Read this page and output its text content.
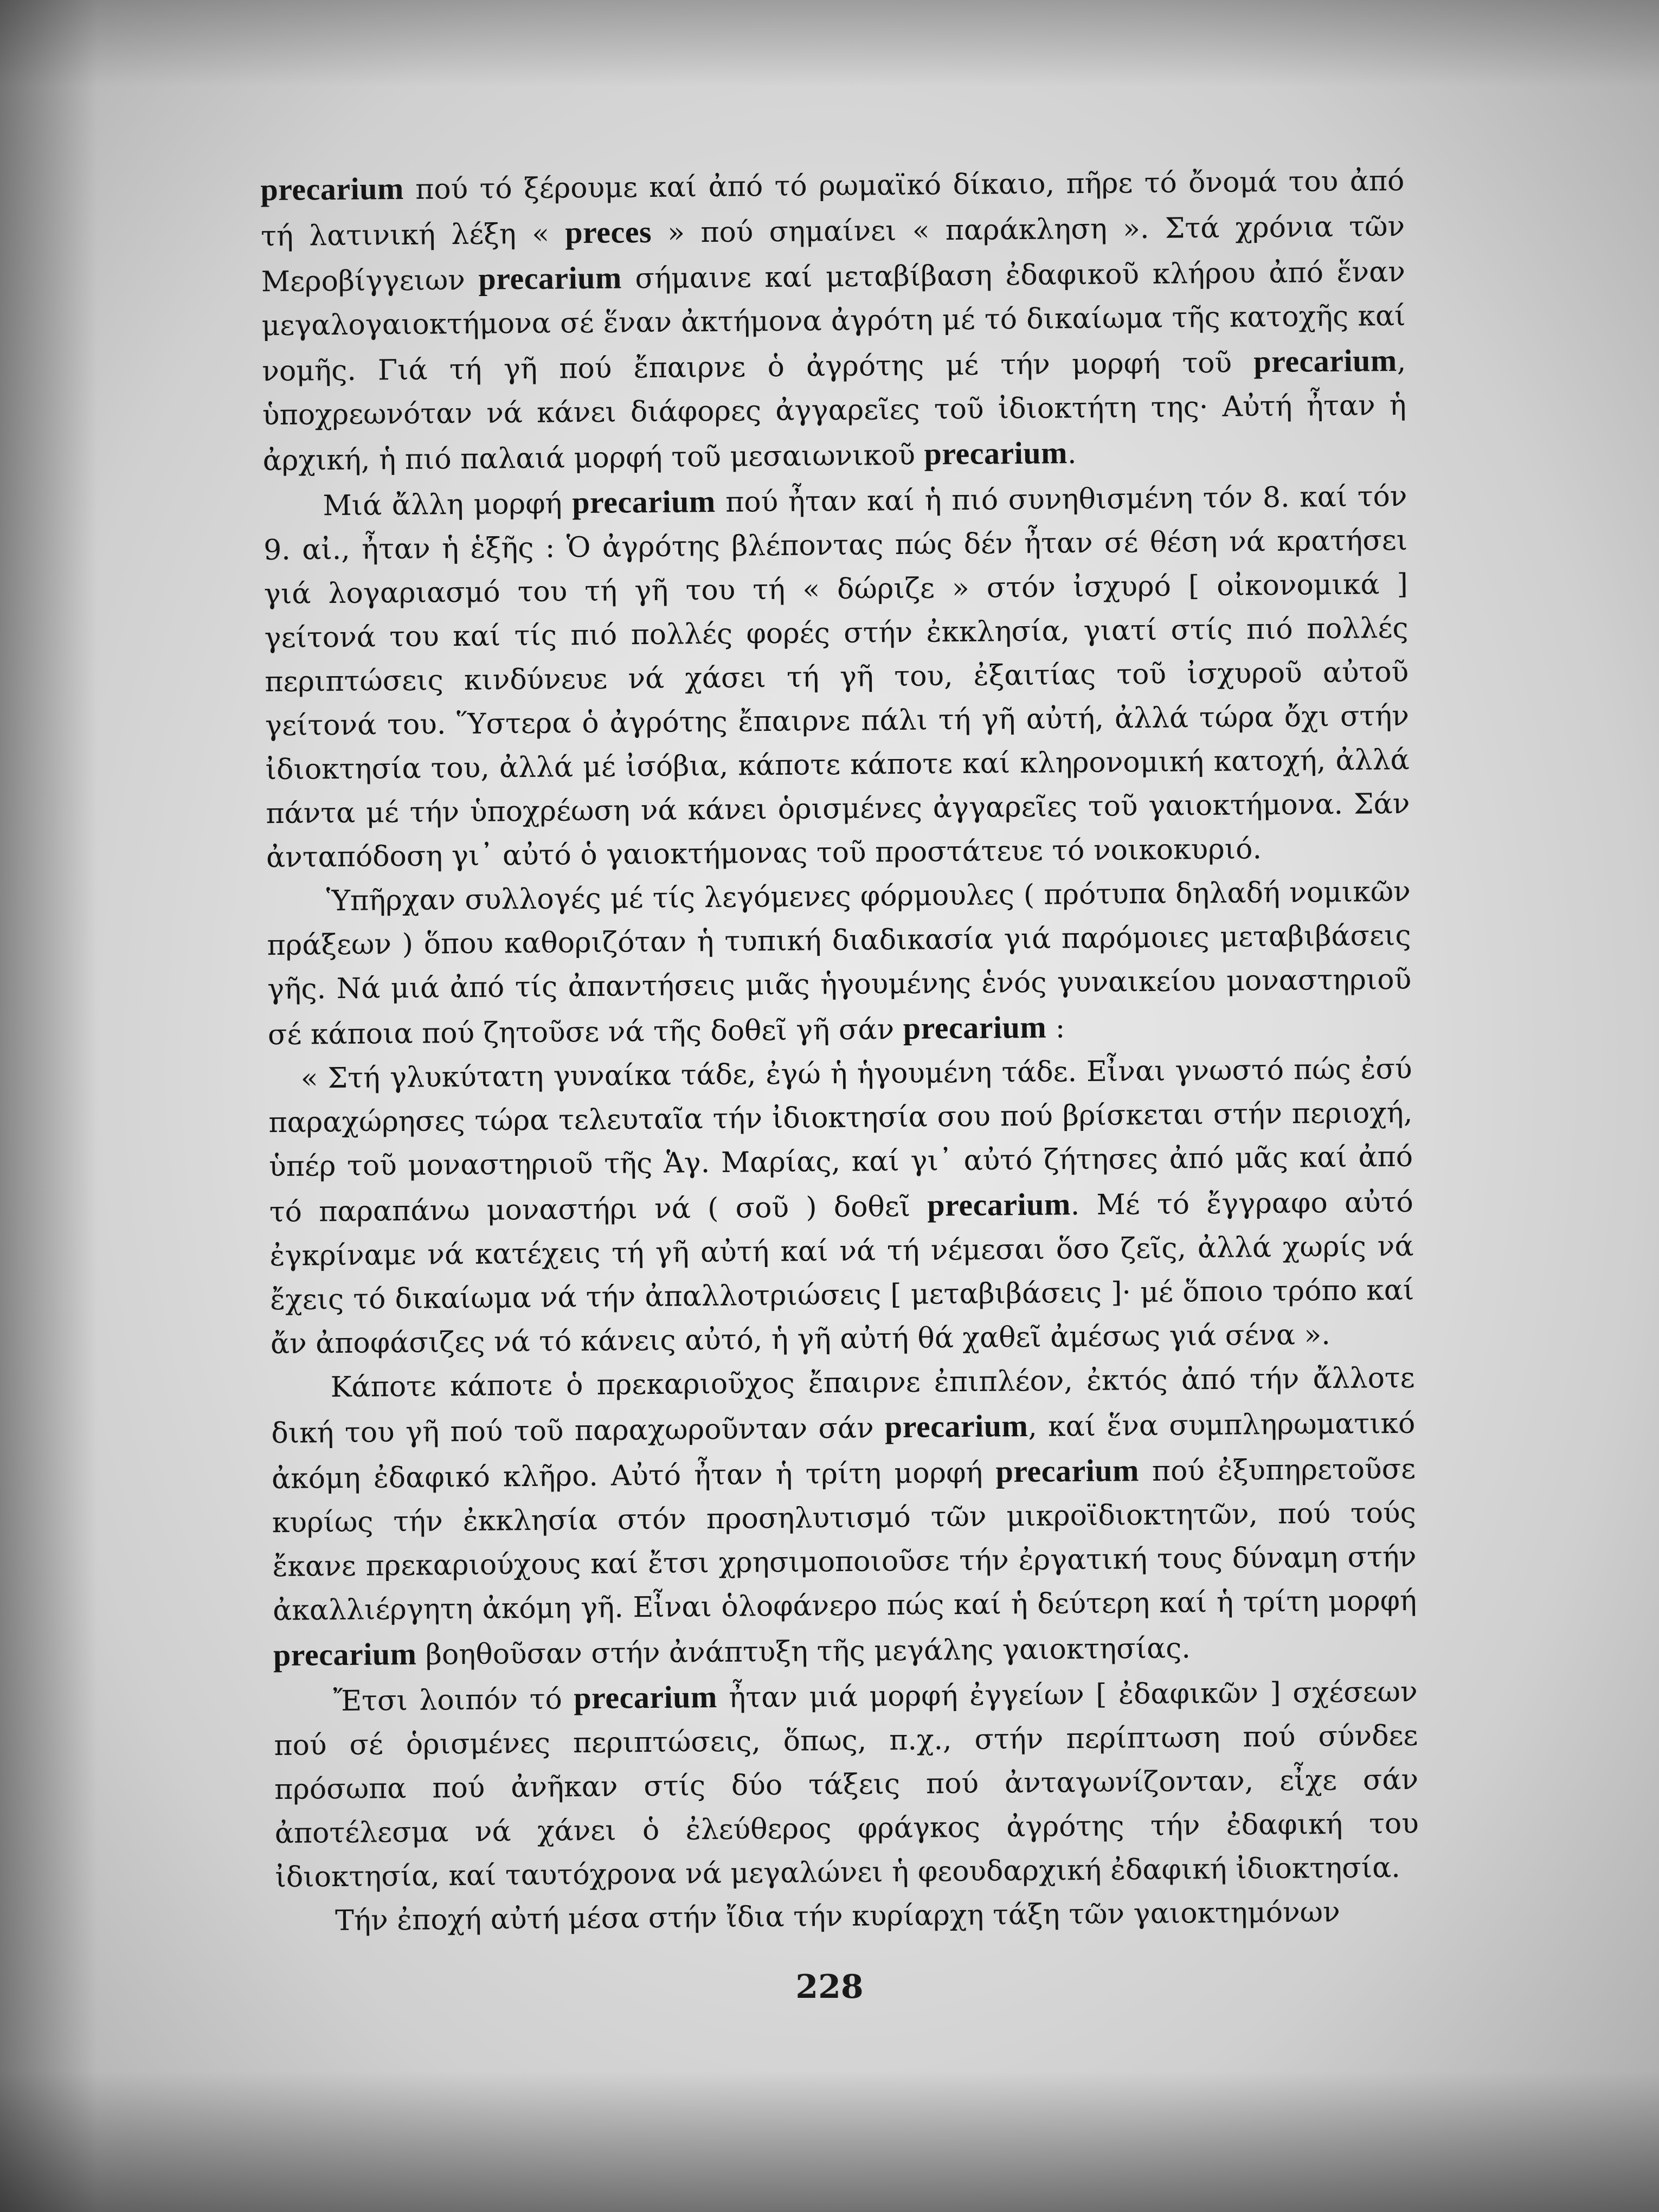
precarium πού τό ξέρουμε καί ἀπό τό ρωμαϊκό δίκαιο, πῆρε τό ὄνομά του ἀπό τή λατινική λέξη « preces » πού σημαίνει « παράκληση ». Στά χρόνια τῶν Μεροβίγγειων precarium σήμαινε καί μεταβίβαση ἐδαφικοῦ κλήρου ἀπό ἕναν μεγαλογαιοκτήμονα σέ ἕναν ἀκτήμονα ἀγρότη μέ τό δικαίωμα τῆς κατοχῆς καί νομῆς. Γιά τή γῆ πού ἔπαιρνε ὁ ἀγρότης μέ τήν μορφή τοῦ precarium, ὑποχρεωνόταν νά κάνει διάφορες ἀγγαρεῖες τοῦ ἰδιοκτήτη της· Αὐτή ἦταν ἡ ἀρχική, ἡ πιό παλαιά μορφή τοῦ μεσαιωνικοῦ precarium.

Μιά ἄλλη μορφή precarium πού ἦταν καί ἡ πιό συνηθισμένη τόν 8. καί τόν 9. αἰ., ἦταν ἡ ἑξῆς : Ὁ ἀγρότης βλέποντας πώς δέν ἦταν σέ θέση νά κρατήσει γιά λογαριασμό του τή γῆ του τή « δώριζε » στόν ἰσχυρό [ οἰκονομικά ] γείτονά του καί τίς πιό πολλές φορές στήν ἐκκλησία, γιατί στίς πιό πολλές περιπτώσεις κινδύνευε νά χάσει τή γῆ του, ἐξαιτίας τοῦ ἰσχυροῦ αὐτοῦ γείτονά του. Ὕστερα ὁ ἀγρότης ἔπαιρνε πάλι τή γῆ αὐτή, ἀλλά τώρα ὄχι στήν ἰδιοκτησία του, ἀλλά μέ ἰσόβια, κάποτε κάποτε καί κληρονομική κατοχή, ἀλλά πάντα μέ τήν ὑποχρέωση νά κάνει ὁρισμένες ἀγγαρεῖες τοῦ γαιοκτήμονα. Σάν ἀνταπόδοση γι᾽ αὐτό ὁ γαιοκτήμονας τοῦ προστάτευε τό νοικοκυριό.

Ὑπῆρχαν συλλογές μέ τίς λεγόμενες φόρμουλες ( πρότυπα δηλαδή νομικῶν πράξεων ) ὅπου καθοριζόταν ἡ τυπική διαδικασία γιά παρόμοιες μεταβιβάσεις γῆς. Νά μιά ἀπό τίς ἀπαντήσεις μιᾶς ἡγουμένης ἑνός γυναικείου μοναστηριοῦ σέ κάποια πού ζητοῦσε νά τῆς δοθεῖ γῆ σάν precarium :

« Στή γλυκύτατη γυναίκα τάδε, ἐγώ ἡ ἡγουμένη τάδε. Εἶναι γνωστό πώς ἐσύ παραχώρησες τώρα τελευταῖα τήν ἰδιοκτησία σου πού βρίσκεται στήν περιοχή, ὑπέρ τοῦ μοναστηριοῦ τῆς Ἁγ. Μαρίας, καί γι᾽ αὐτό ζήτησες ἀπό μᾶς καί ἀπό τό παραπάνω μοναστήρι νά ( σοῦ ) δοθεῖ precarium. Μέ τό ἔγγραφο αὐτό ἐγκρίναμε νά κατέχεις τή γῆ αὐτή καί νά τή νέμεσαι ὅσο ζεῖς, ἀλλά χωρίς νά ἔχεις τό δικαίωμα νά τήν ἀπαλλοτριώσεις [ μεταβιβάσεις ]· μέ ὅποιο τρόπο καί ἄν ἀποφάσιζες νά τό κάνεις αὐτό, ἡ γῆ αὐτή θά χαθεῖ ἀμέσως γιά σένα ».

Κάποτε κάποτε ὁ πρεκαριοῦχος ἔπαιρνε ἐπιπλέον, ἐκτός ἀπό τήν ἄλλοτε δική του γῆ πού τοῦ παραχωροῦνταν σάν precarium, καί ἕνα συμπληρωματικό ἀκόμη ἐδαφικό κλῆρο. Αὐτό ἦταν ἡ τρίτη μορφή precarium πού ἐξυπηρετοῦσε κυρίως τήν ἐκκλησία στόν προσηλυτισμό τῶν μικροϊδιοκτητῶν, πού τούς ἔκανε πρεκαριούχους καί ἔτσι χρησιμοποιοῦσε τήν ἐργατική τους δύναμη στήν ἀκαλλιέργητη ἀκόμη γῆ. Εἶναι ὁλοφάνερο πώς καί ἡ δεύτερη καί ἡ τρίτη μορφή precarium βοηθοῦσαν στήν ἀνάπτυξη τῆς μεγάλης γαιοκτησίας.

Ἔτσι λοιπόν τό precarium ἦταν μιά μορφή ἐγγείων [ ἐδαφικῶν ] σχέσεων πού σέ ὁρισμένες περιπτώσεις, ὅπως, π.χ., στήν περίπτωση πού σύνδεε πρόσωπα πού ἀνῆκαν στίς δύο τάξεις πού ἀνταγωνίζονταν, εἶχε σάν ἀποτέλεσμα νά χάνει ὁ ἐλεύθερος φράγκος ἀγρότης τήν ἐδαφική του ἰδιοκτησία, καί ταυτόχρονα νά μεγαλώνει ἡ φεουδαρχική ἐδαφική ἰδιοκτησία.

Τήν ἐποχή αὐτή μέσα στήν ἴδια τήν κυρίαρχη τάξη τῶν γαιοκτημόνων

228
